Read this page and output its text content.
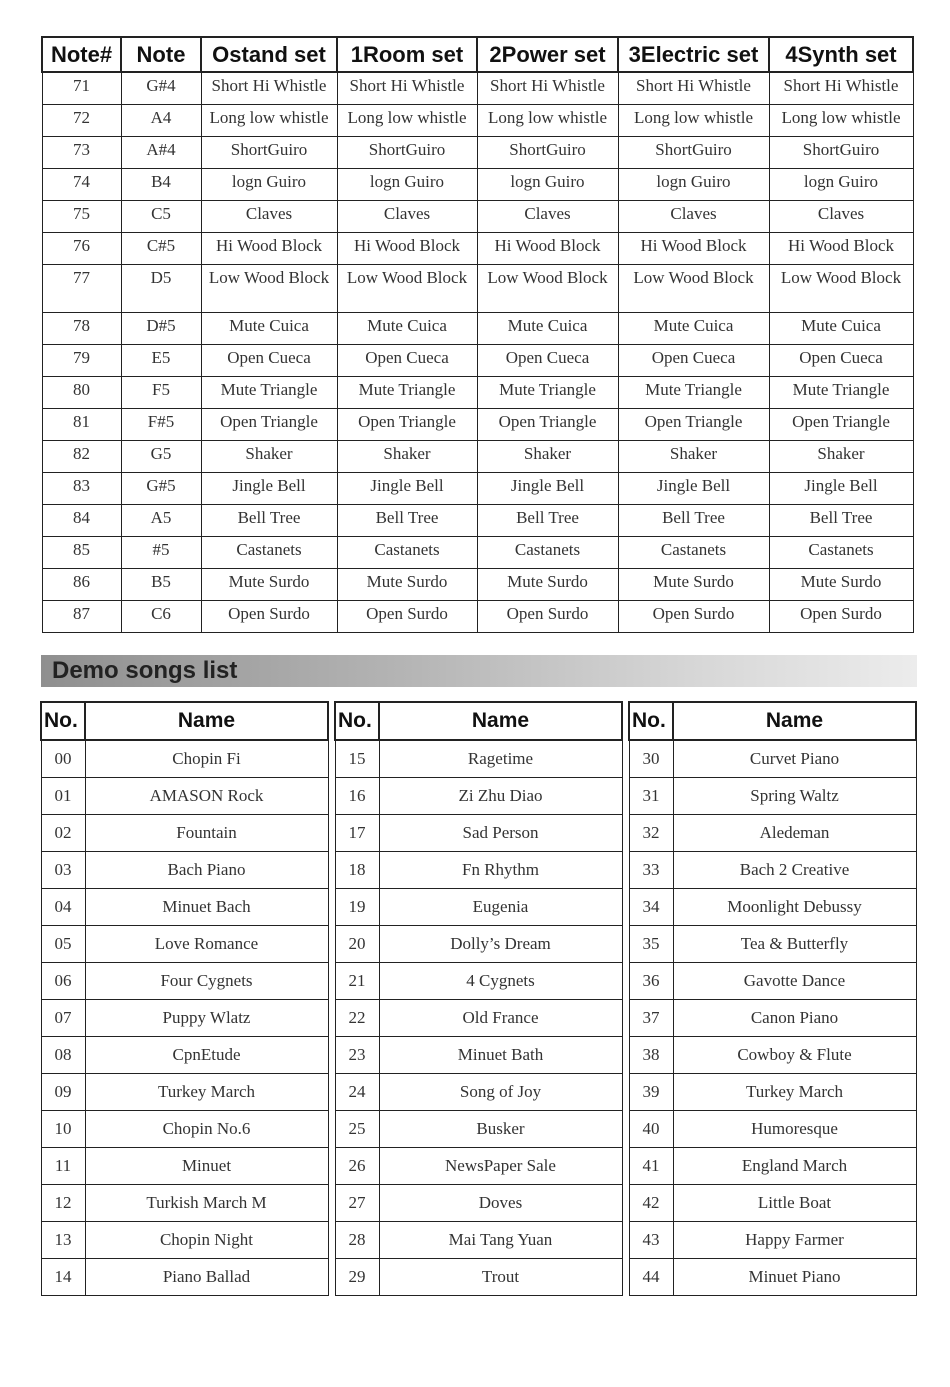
Note#	Note	Ostand set	1Room set	2Power set	3Electric set	4Synth set
71	G#4	Short Hi Whistle	Short Hi Whistle	Short Hi Whistle	Short Hi Whistle	Short Hi Whistle
72	A4	Long low whistle	Long low whistle	Long low whistle	Long low whistle	Long low whistle
73	A#4	ShortGuiro	ShortGuiro	ShortGuiro	ShortGuiro	ShortGuiro
74	B4	logn Guiro	logn Guiro	logn Guiro	logn Guiro	logn Guiro
75	C5	Claves	Claves	Claves	Claves	Claves
76	C#5	Hi Wood Block	Hi Wood Block	Hi Wood Block	Hi Wood Block	Hi Wood Block
77	D5	Low Wood Block	Low Wood Block	Low Wood Block	Low Wood Block	Low Wood Block
78	D#5	Mute Cuica	Mute Cuica	Mute Cuica	Mute Cuica	Mute Cuica
79	E5	Open Cueca	Open Cueca	Open Cueca	Open Cueca	Open Cueca
80	F5	Mute Triangle	Mute Triangle	Mute Triangle	Mute Triangle	Mute Triangle
81	F#5	Open Triangle	Open Triangle	Open Triangle	Open Triangle	Open Triangle
82	G5	Shaker	Shaker	Shaker	Shaker	Shaker
83	G#5	Jingle Bell	Jingle Bell	Jingle Bell	Jingle Bell	Jingle Bell
84	A5	Bell Tree	Bell Tree	Bell Tree	Bell Tree	Bell Tree
85	#5	Castanets	Castanets	Castanets	Castanets	Castanets
86	B5	Mute Surdo	Mute Surdo	Mute Surdo	Mute Surdo	Mute Surdo
87	C6	Open Surdo	Open Surdo	Open Surdo	Open Surdo	Open Surdo
Demo songs list
No.	Name
00	Chopin Fi
01	AMASON Rock
02	Fountain
03	Bach Piano
04	Minuet Bach
05	Love Romance
06	Four Cygnets
07	Puppy Wlatz
08	CpnEtude
09	Turkey March
10	Chopin No.6
11	Minuet
12	Turkish March M
13	Chopin Night
14	Piano Ballad
No.	Name
15	Ragetime
16	Zi Zhu Diao
17	Sad Person
18	Fn Rhythm
19	Eugenia
20	Dolly’s Dream
21	4 Cygnets
22	Old France
23	Minuet Bath
24	Song of Joy
25	Busker
26	NewsPaper Sale
27	Doves
28	Mai Tang Yuan
29	Trout
No.	Name
30	Curvet Piano
31	Spring Waltz
32	Aledeman
33	Bach 2 Creative
34	Moonlight Debussy
35	Tea & Butterfly
36	Gavotte Dance
37	Canon Piano
38	Cowboy & Flute
39	Turkey March
40	Humoresque
41	England March
42	Little Boat
43	Happy Farmer
44	Minuet Piano
